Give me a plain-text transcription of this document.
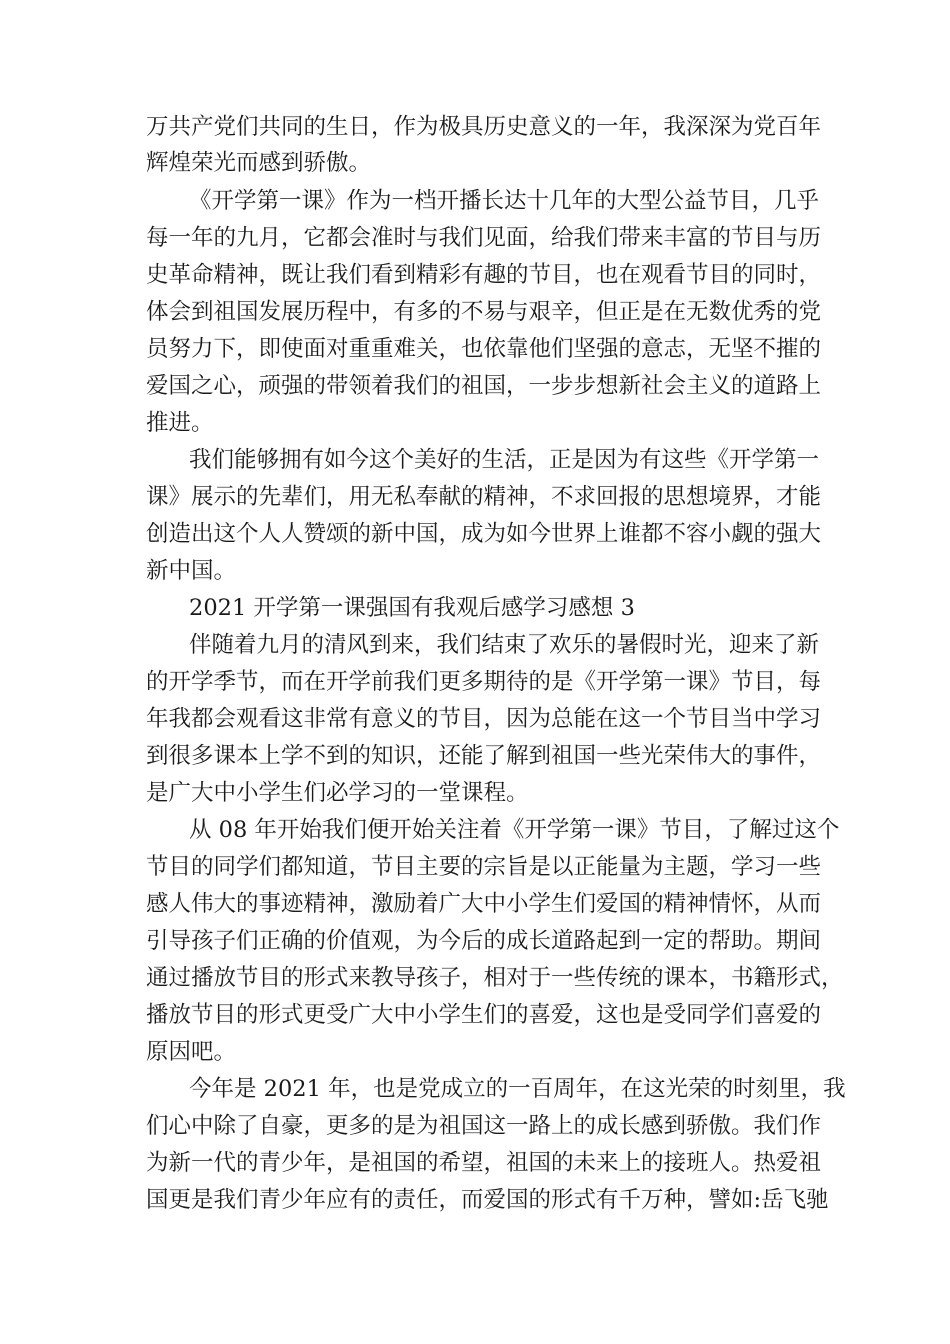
万共产党们共同的生日，作为极具历史意义的一年，我深深为党百年
辉煌荣光而感到骄傲。
《开学第一课》作为一档开播长达十几年的大型公益节目，几乎
每一年的九月，它都会准时与我们见面，给我们带来丰富的节目与历
史革命精神，既让我们看到精彩有趣的节目，也在观看节目的同时，
体会到祖国发展历程中，有多的不易与艰辛，但正是在无数优秀的党
员努力下，即使面对重重难关，也依靠他们坚强的意志，无坚不摧的
爱国之心，顽强的带领着我们的祖国，一步步想新社会主义的道路上
推进。
我们能够拥有如今这个美好的生活，正是因为有这些《开学第一
课》展示的先辈们，用无私奉献的精神，不求回报的思想境界，才能
创造出这个人人赞颂的新中国，成为如今世界上谁都不容小觑的强大
新中国。
2021 开学第一课强国有我观后感学习感想 3
伴随着九月的清风到来，我们结束了欢乐的暑假时光，迎来了新
的开学季节，而在开学前我们更多期待的是《开学第一课》节目，每
年我都会观看这非常有意义的节目，因为总能在这一个节目当中学习
到很多课本上学不到的知识，还能了解到祖国一些光荣伟大的事件，
是广大中小学生们必学习的一堂课程。
从 08 年开始我们便开始关注着《开学第一课》节目，了解过这个
节目的同学们都知道，节目主要的宗旨是以正能量为主题，学习一些
感人伟大的事迹精神，激励着广大中小学生们爱国的精神情怀，从而
引导孩子们正确的价值观，为今后的成长道路起到一定的帮助。期间
通过播放节目的形式来教导孩子，相对于一些传统的课本，书籍形式，
播放节目的形式更受广大中小学生们的喜爱，这也是受同学们喜爱的
原因吧。
今年是 2021 年，也是党成立的一百周年，在这光荣的时刻里，我
们心中除了自豪，更多的是为祖国这一路上的成长感到骄傲。我们作
为新一代的青少年，是祖国的希望，祖国的未来上的接班人。热爱祖
国更是我们青少年应有的责任，而爱国的形式有千万种，譬如:岳飞驰
